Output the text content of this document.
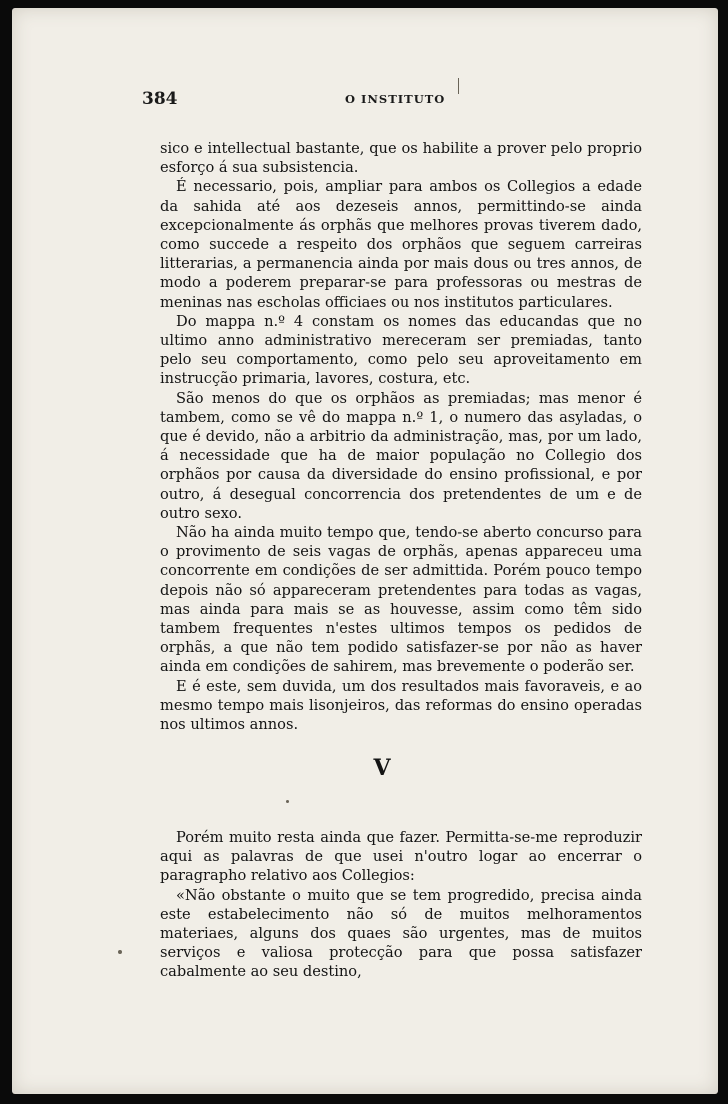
384	O INSTITUTO

sico e intellectual bastante, que os habilite a prover pelo proprio esforço á sua subsistencia.

É necessario, pois, ampliar para ambos os Collegios a edade da sahida até aos dezeseis annos, permittindo-se ainda excepcionalmente ás orphãs que melhores provas tiverem dado, como succede a respeito dos orphãos que seguem carreiras litterarias, a permanencia ainda por mais dous ou tres annos, de modo a poderem preparar-se para professoras ou mestras de meninas nas escholas officiaes ou nos institutos particulares.

Do mappa n.º 4 constam os nomes das educandas que no ultimo anno administrativo mereceram ser premiadas, tanto pelo seu comportamento, como pelo seu aproveitamento em instrucção primaria, lavores, costura, etc.

São menos do que os orphãos as premiadas; mas menor é tambem, como se vê do mappa n.º 1, o numero das asyladas, o que é devido, não a arbitrio da administração, mas, por um lado, á necessidade que ha de maior população no Collegio dos orphãos por causa da diversidade do ensino profissional, e por outro, á desegual concorrencia dos pretendentes de um e de outro sexo.

Não ha ainda muito tempo que, tendo-se aberto concurso para o provimento de seis vagas de orphãs, apenas appareceu uma concorrente em condições de ser admittida. Porém pouco tempo depois não só appareceram pretendentes para todas as vagas, mas ainda para mais se as houvesse, assim como têm sido tambem frequentes n'estes ultimos tempos os pedidos de orphãs, a que não tem podido satisfazer-se por não as haver ainda em condições de sahirem, mas brevemente o poderão ser.

E é este, sem duvida, um dos resultados mais favoraveis, e ao mesmo tempo mais lisonjeiros, das reformas do ensino operadas nos ultimos annos.

V

Porém muito resta ainda que fazer. Permitta-se-me reproduzir aqui as palavras de que usei n'outro logar ao encerrar o paragrapho relativo aos Collegios:

«Não obstante o muito que se tem progredido, precisa ainda este estabelecimento não só de muitos melhoramentos materiaes, alguns dos quaes são urgentes, mas de muitos serviços e valiosa protecção para que possa satisfazer cabalmente ao seu destino,
